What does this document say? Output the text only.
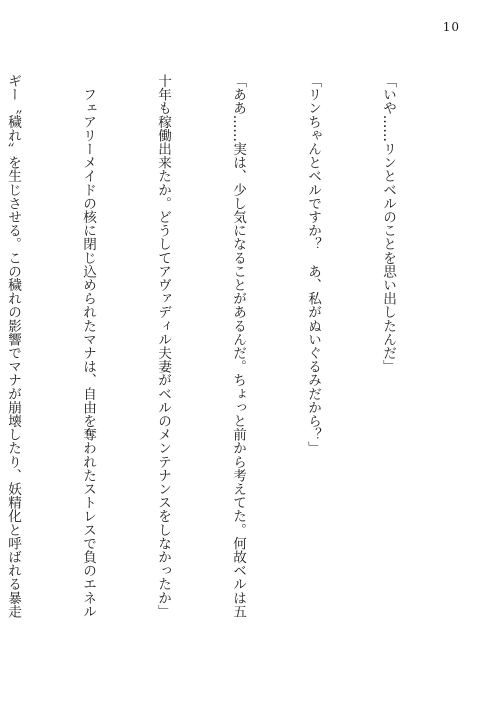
10

「いや……リンとベルのことを思い出したんだ」

「リンちゃんとベルですか？　あ、私がぬいぐるみだから？」

「ああ……実は、少し気になることがあるんだ。ちょっと前から考えてた。何故ベルは五

十年も稼働出来たか。どうしてアヴァディル夫妻がベルのメンテナンスをしなかったか」

　フェアリーメイドの核に閉じ込められたマナは、自由を奪われたストレスで負のエネル

ギー〝穢れ〟を生じさせる。この穢れの影響でマナが崩壊したり、妖精化と呼ばれる暴走
